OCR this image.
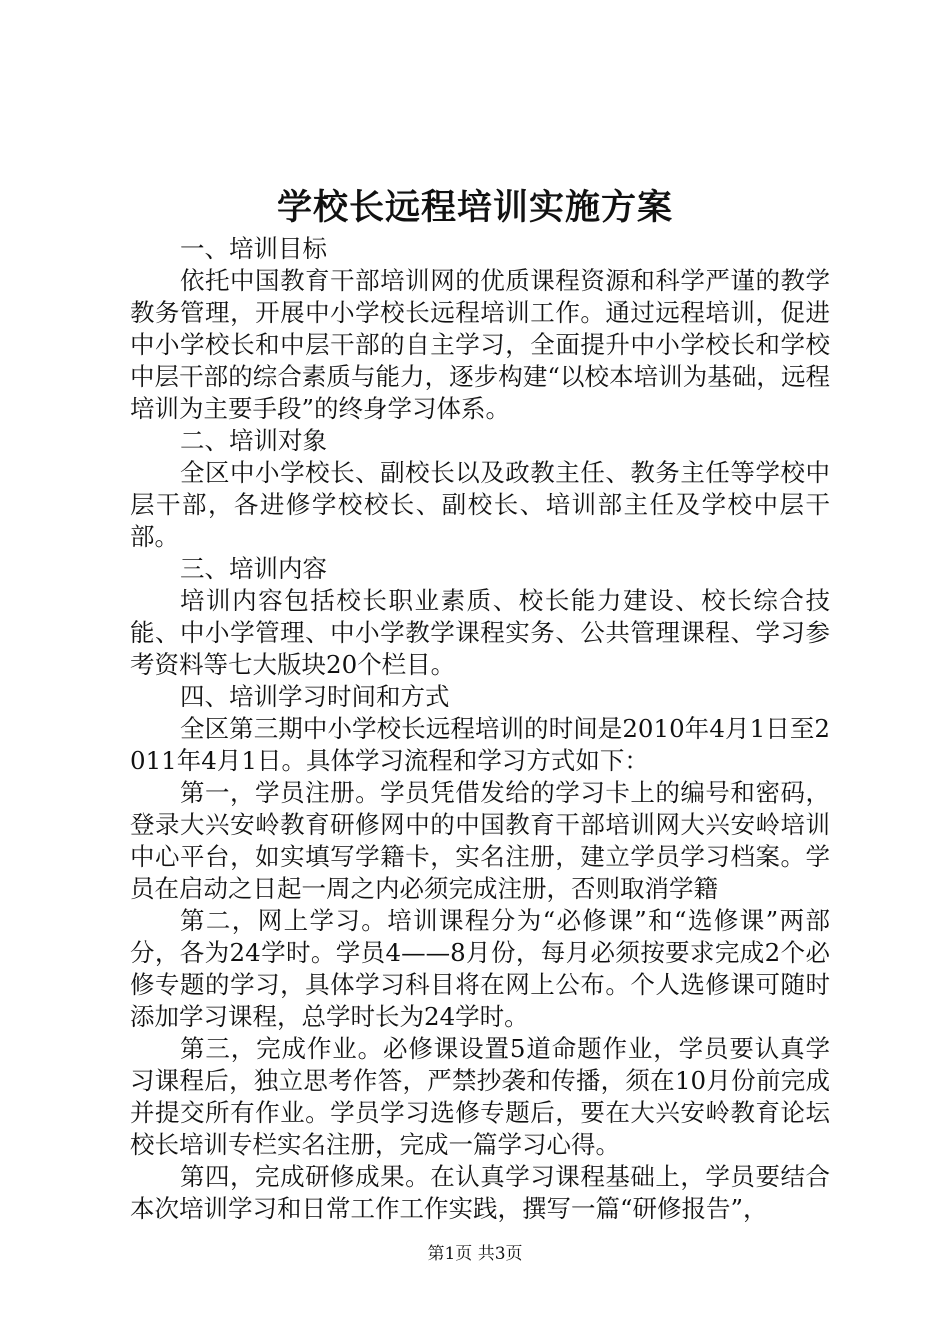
学校长远程培训实施方案

一、培训目标

依托中国教育干部培训网的优质课程资源和科学严谨的教学教务管理，开展中小学校长远程培训工作。通过远程培训，促进中小学校长和中层干部的自主学习，全面提升中小学校长和学校中层干部的综合素质与能力，逐步构建“以校本培训为基础，远程培训为主要手段”的终身学习体系。

二、培训对象

全区中小学校长、副校长以及政教主任、教务主任等学校中层干部，各进修学校校长、副校长、培训部主任及学校中层干部。

三、培训内容

培训内容包括校长职业素质、校长能力建设、校长综合技能、中小学管理、中小学教学课程实务、公共管理课程、学习参考资料等七大版块20个栏目。

四、培训学习时间和方式

全区第三期中小学校长远程培训的时间是2010年4月1日至2011年4月1日。具体学习流程和学习方式如下：

第一，学员注册。学员凭借发给的学习卡上的编号和密码，登录大兴安岭教育研修网中的中国教育干部培训网大兴安岭培训中心平台，如实填写学籍卡，实名注册，建立学员学习档案。学员在启动之日起一周之内必须完成注册，否则取消学籍

第二，网上学习。培训课程分为“必修课”和“选修课”两部分，各为24学时。学员4——8月份，每月必须按要求完成2个必修专题的学习，具体学习科目将在网上公布。个人选修课可随时添加学习课程，总学时长为24学时。

第三，完成作业。必修课设置5道命题作业，学员要认真学习课程后，独立思考作答，严禁抄袭和传播，须在10月份前完成并提交所有作业。学员学习选修专题后，要在大兴安岭教育论坛校长培训专栏实名注册，完成一篇学习心得。

第四，完成研修成果。在认真学习课程基础上，学员要结合本次培训学习和日常工作工作实践，撰写一篇“研修报告”，

第1页 共3页
